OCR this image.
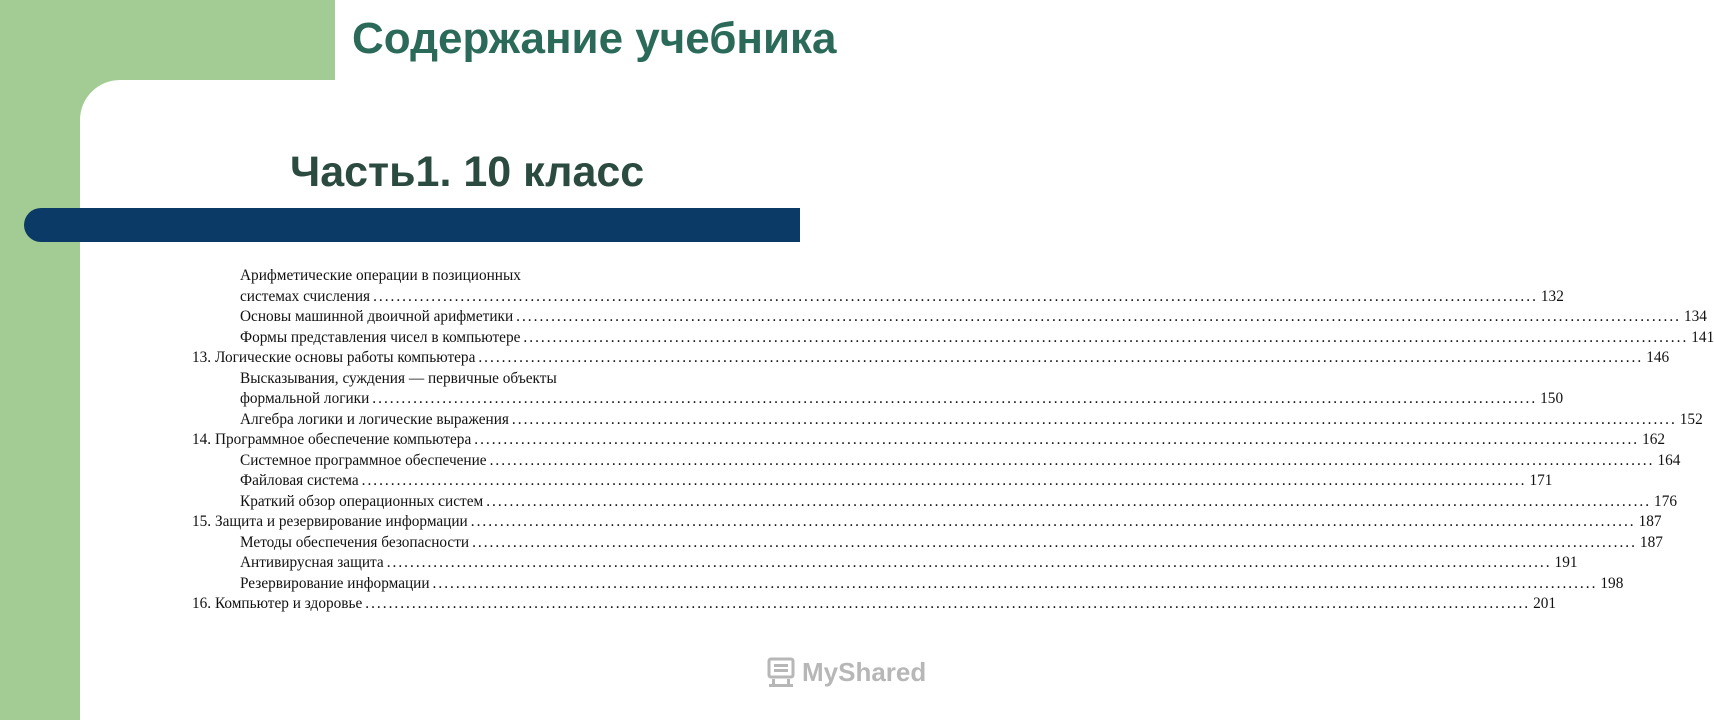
Содержание учебника
Часть1. 10 класс
Арифметические операции в позиционных
системах счисления ........................................................................................................................................................................................................ 132
Основы машинной двоичной арифметики ........................................................................................................................................................................................................ 134
Формы представления чисел в компьютере ........................................................................................................................................................................................................ 141
13. Логические основы работы компьютера ........................................................................................................................................................................................................ 146
Высказывания, суждения — первичные объекты
формальной логики ........................................................................................................................................................................................................ 150
Алгебра логики и логические выражения ........................................................................................................................................................................................................ 152
14. Программное обеспечение компьютера ........................................................................................................................................................................................................ 162
Системное программное обеспечение ........................................................................................................................................................................................................ 164
Файловая система ........................................................................................................................................................................................................ 171
Краткий обзор операционных систем ........................................................................................................................................................................................................ 176
15. Защита и резервирование информации ........................................................................................................................................................................................................ 187
Методы обеспечения безопасности ........................................................................................................................................................................................................ 187
Антивирусная защита ........................................................................................................................................................................................................ 191
Резервирование информации ........................................................................................................................................................................................................ 198
16. Компьютер и здоровье ........................................................................................................................................................................................................ 201
MyShared
